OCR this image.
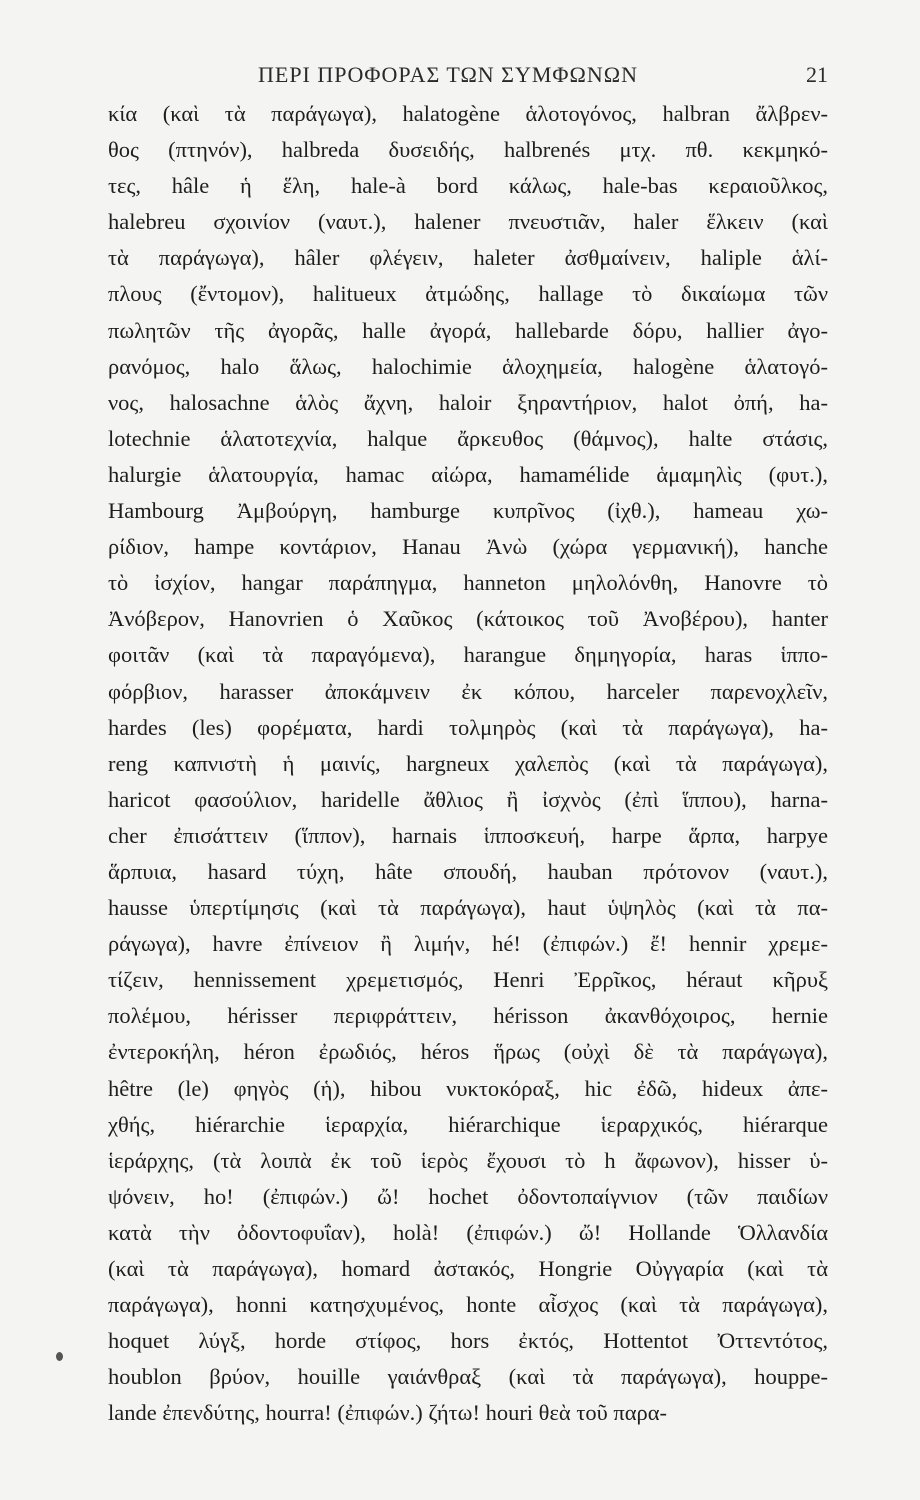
ΠΕΡΙ ΠΡΟΦΟΡΑΣ ΤΩΝ ΣΥΜΦΩΝΩΝ	21
κία (καὶ τὰ παράγωγα), halatogène ἁλοτογόνος, halbran ἄλβρεν-
θος (πτηνόν), halbreda δυσειδής, halbrenés μτχ. πθ. κεκμηκό-
τες, hâle ἡ ἕλη, hale-à bord κάλως, hale-bas κεραιοῦλκος,
halebreu σχοινίον (ναυτ.), halener πνευστιᾶν, haler ἕλκειν (καὶ
τὰ παράγωγα), hâler φλέγειν, haleter ἀσθμαίνειν, haliple ἁλί-
πλους (ἔντομον), halitueux ἀτμώδης, hallage τὸ δικαίωμα τῶν
πωλητῶν τῆς ἀγορᾶς, halle ἀγορά, hallebarde δόρυ, hallier ἀγο-
ρανόμος, halo ἅλως, halochimie ἁλοχημεία, halogène ἁλατογό-
νος, halosachne ἁλὸς ἄχνη, haloir ξηραντήριον, halot ὀπή, ha-
lotechnie ἁλατοτεχνία, halque ἄρκευθος (θάμνος), halte στάσις,
halurgie ἁλατουργία, hamac αἰώρα, hamamélide ἁμαμηλὶς (φυτ.),
Hambourg Ἀμβούργη, hamburge κυπρῖνος (ἰχθ.), hameau χω-
ρίδιον, hampe κοντάριον, Hanau Ἀνὼ (χώρα γερμανική), hanche
τὸ ἰσχίον, hangar παράπηγμα, hanneton μηλολόνθη, Hanovre τὸ
Ἀνόβερον, Hanovrien ὁ Χαῦκος (κάτοικος τοῦ Ἀνοβέρου), hanter
φοιτᾶν (καὶ τὰ παραγόμενα), harangue δημηγορία, haras ἱππο-
φόρβιον, harasser ἀποκάμνειν ἐκ κόπου, harceler παρενοχλεῖν,
hardes (les) φορέματα, hardi τολμηρὸς (καὶ τὰ παράγωγα), ha-
reng καπνιστὴ ἡ μαινίς, hargneux χαλεπὸς (καὶ τὰ παράγωγα),
haricot φασούλιον, haridelle ἄθλιος ἢ ἰσχνὸς (ἐπὶ ἵππου), harna-
cher ἐπισάττειν (ἵππον), harnais ἱπποσκευή, harpe ἅρπα, harpye
ἅρπυια, hasard τύχη, hâte σπουδή, hauban πρότονον (ναυτ.),
hausse ὑπερτίμησις (καὶ τὰ παράγωγα), haut ὑψηλὸς (καὶ τὰ πα-
ράγωγα), havre ἐπίνειον ἢ λιμήν, hé! (ἐπιφών.) ἔ! hennir χρεμε-
τίζειν, hennissement χρεμετισμός, Henri Ἐρρῖκος, héraut κῆρυξ
πολέμου, hérisser περιφράττειν, hérisson ἀκανθόχοιρος, hernie
ἐντεροκήλη, héron ἐρωδιός, héros ἥρως (οὐχὶ δὲ τὰ παράγωγα),
hêtre (le) φηγὸς (ἡ), hibou νυκτοκόραξ, hic ἐδῶ, hideux ἀπε-
χθής, hiérarchie ἱεραρχία, hiérarchique ἱεραρχικός, hiérarque
ἱεράρχης, (τὰ λοιπὰ ἐκ τοῦ ἱερὸς ἔχουσι τὸ h ἄφωνον), hisser ὑ-
ψόνειν, ho! (ἐπιφών.) ὤ! hochet ὀδοντοπαίγνιον (τῶν παιδίων
κατὰ τὴν ὀδοντοφυΐαν), holà! (ἐπιφών.) ὤ! Hollande Ὁλλανδία
(καὶ τὰ παράγωγα), homard ἀστακός, Hongrie Οὐγγαρία (καὶ τὰ
παράγωγα), honni κατησχυμένος, honte αἶσχος (καὶ τὰ παράγωγα),
hoquet λύγξ, horde στίφος, hors ἐκτός, Hottentot Ὀττεντότος,
houblon βρύον, houille γαιάνθραξ (καὶ τὰ παράγωγα), houppe-
lande ἐπενδύτης, hourra! (ἐπιφών.) ζήτω! houri θεὰ τοῦ παρα-
